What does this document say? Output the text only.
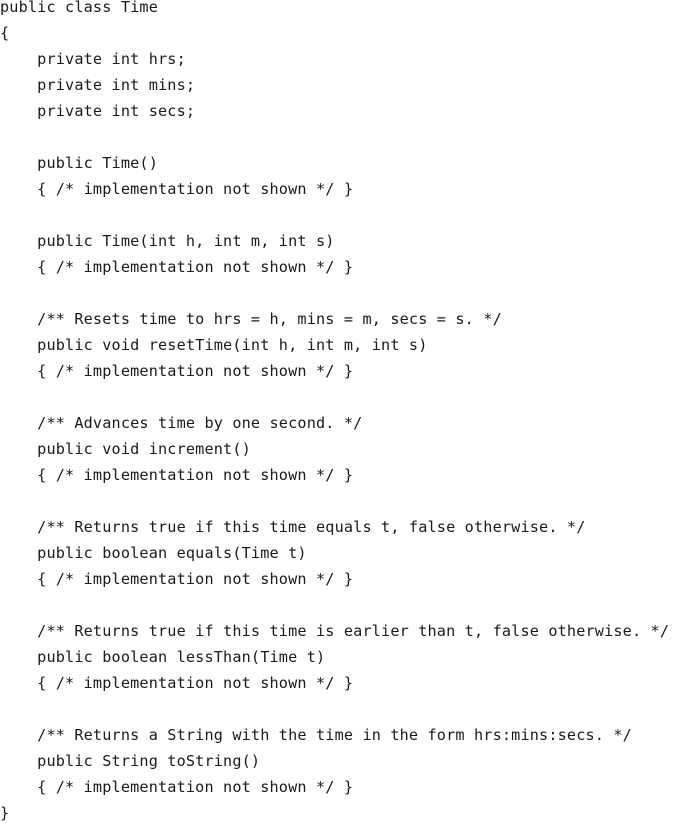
public class Time

{

private int hrs;

private int mins;

private int secs;

public Time()

{ /* implementation not shown */ }

public Time(int h, int m, int s)

{ /* implementation not shown */ }

/** Resets time to hrs = h, mins = m, secs = s. */

public void resetTime(int h, int m, int s)

{ /* implementation not shown */ }

/** Advances time by one second. */

public void increment()

{ /* implementation not shown */ }

/** Returns true if this time equals t, false otherwise. */

public boolean equals(Time t)

{ /* implementation not shown */ }

/** Returns true if this time is earlier than t, false otherwise. */

public boolean lessThan(Time t)

{ /* implementation not shown */ }

/** Returns a String with the time in the form hrs:mins:secs. */

public String toString()

{ /* implementation not shown */ }

}
